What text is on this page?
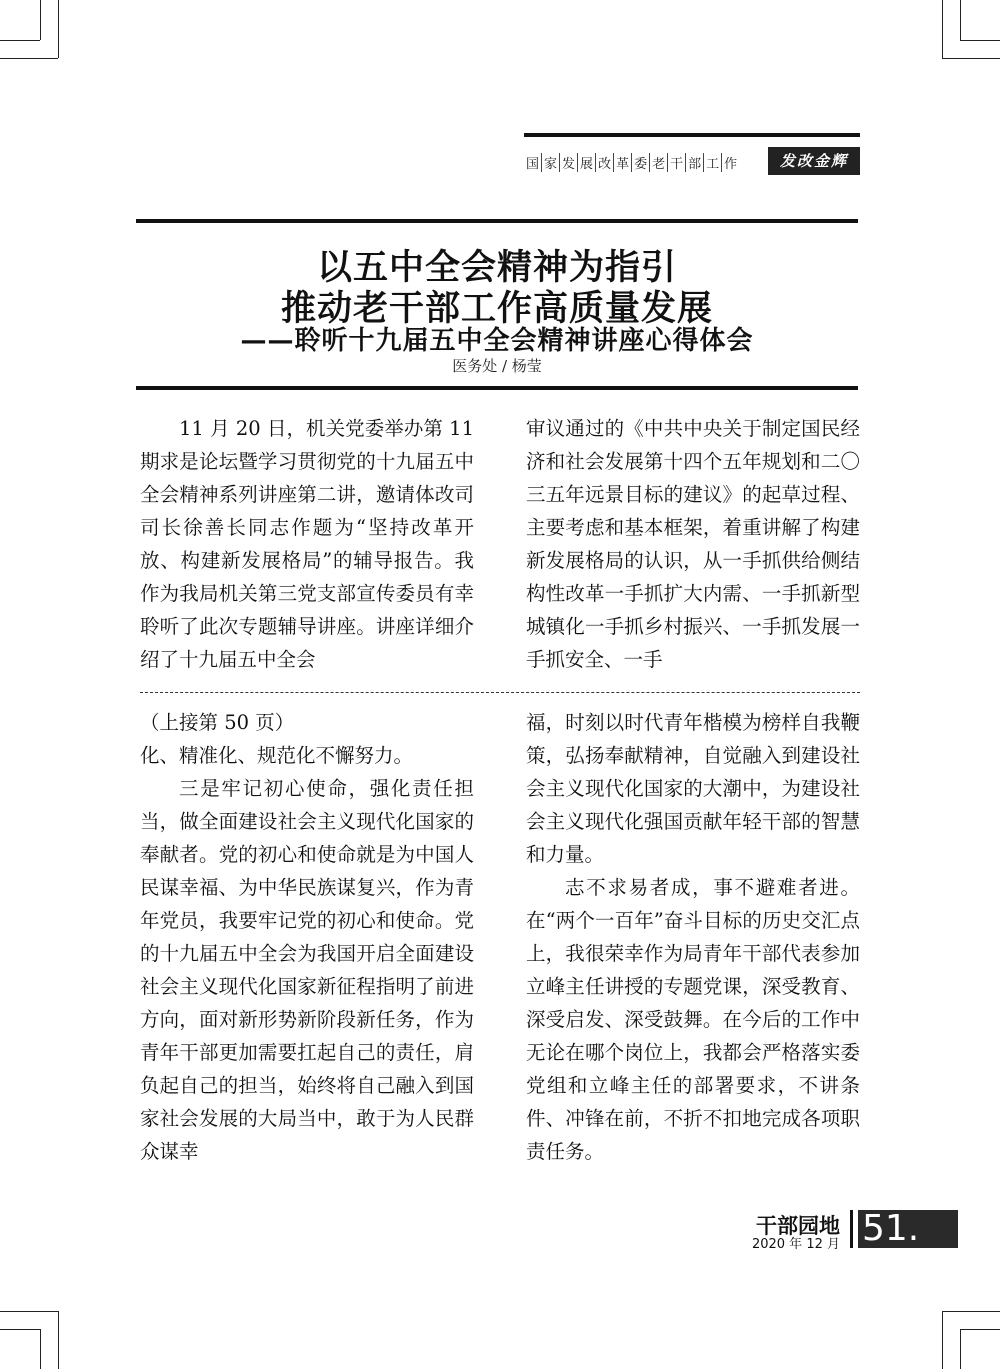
国 家 发 展 改 革 委 老 干 部 工 作	发改金辉
以五中全会精神为指引
推动老干部工作高质量发展
——聆听十九届五中全会精神讲座心得体会
医务处 / 杨莹

11 月 20 日，机关党委举办第 11 期求是论坛暨学习贯彻党的十九届五中全会精神系列讲座第二讲，邀请体改司司长徐善长同志作题为“坚持改革开放、构建新发展格局”的辅导报告。我作为我局机关第三党支部宣传委员有幸聆听了此次专题辅导讲座。讲座详细介绍了十九届五中全会

审议通过的《中共中央关于制定国民经济和社会发展第十四个五年规划和二〇三五年远景目标的建议》的起草过程、主要考虑和基本框架，着重讲解了构建新发展格局的认识，从一手抓供给侧结构性改革一手抓扩大内需、一手抓新型城镇化一手抓乡村振兴、一手抓发展一手抓安全、一手

（上接第 50 页）

化、精准化、规范化不懈努力。

三是牢记初心使命，强化责任担当，做全面建设社会主义现代化国家的奉献者。党的初心和使命就是为中国人民谋幸福、为中华民族谋复兴，作为青年党员，我要牢记党的初心和使命。党的十九届五中全会为我国开启全面建设社会主义现代化国家新征程指明了前进方向，面对新形势新阶段新任务，作为青年干部更加需要扛起自己的责任，肩负起自己的担当，始终将自己融入到国家社会发展的大局当中，敢于为人民群众谋幸

福，时刻以时代青年楷模为榜样自我鞭策，弘扬奉献精神，自觉融入到建设社会主义现代化国家的大潮中，为建设社会主义现代化强国贡献年轻干部的智慧和力量。

志不求易者成，事不避难者进。在“两个一百年”奋斗目标的历史交汇点上，我很荣幸作为局青年干部代表参加立峰主任讲授的专题党课，深受教育、深受启发、深受鼓舞。在今后的工作中无论在哪个岗位上，我都会严格落实委党组和立峰主任的部署要求，不讲条件、冲锋在前，不折不扣地完成各项职责任务。

干部园地
2020 年 12 月 51.
